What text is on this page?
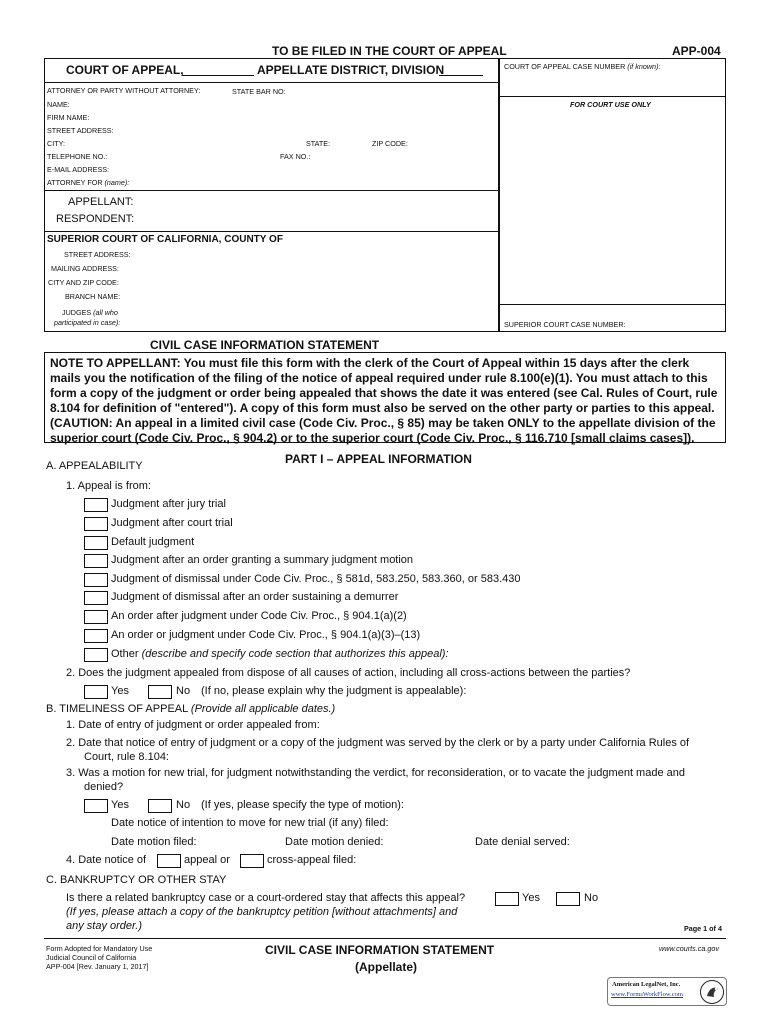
TO BE FILED IN THE COURT OF APPEAL	APP-004
COURT OF APPEAL,	APPELLATE DISTRICT, DIVISION	COURT OF APPEAL CASE NUMBER (if known):
FOR COURT USE ONLY
SUPERIOR COURT CASE NUMBER:
ATTORNEY OR PARTY WITHOUT ATTORNEY:	STATE BAR NO:
NAME:
FIRM NAME:
STREET ADDRESS:
CITY:	STATE:	ZIP CODE:
TELEPHONE NO.:	FAX NO.:
E-MAIL ADDRESS:
ATTORNEY FOR (name):
APPELLANT:
RESPONDENT:
SUPERIOR COURT OF CALIFORNIA, COUNTY OF
STREET ADDRESS:
MAILING ADDRESS:
CITY AND ZIP CODE:
BRANCH NAME:
JUDGES (all who
participated in case):
CIVIL CASE INFORMATION STATEMENT
NOTE TO APPELLANT: You must file this form with the clerk of the Court of Appeal within 15 days after the clerk mails you the notification of the filing of the notice of appeal required under rule 8.100(e)(1). You must attach to this form a copy of the judgment or order being appealed that shows the date it was entered (see Cal. Rules of Court, rule 8.104 for definition of "entered"). A copy of this form must also be served on the other party or parties to this appeal. (CAUTION: An appeal in a limited civil case (Code Civ. Proc., § 85) may be taken ONLY to the appellate division of the superior court (Code Civ. Proc., § 904.2) or to the superior court (Code Civ. Proc., § 116.710 [small claims cases]).
PART I – APPEAL INFORMATION
A. APPEALABILITY
1. Appeal is from:
Judgment after jury trial
Judgment after court trial
Default judgment
Judgment after an order granting a summary judgment motion
Judgment of dismissal under Code Civ. Proc., § 581d, 583.250, 583.360, or 583.430
Judgment of dismissal after an order sustaining a demurrer
An order after judgment under Code Civ. Proc., § 904.1(a)(2)
An order or judgment under Code Civ. Proc., § 904.1(a)(3)–(13)
Other (describe and specify code section that authorizes this appeal):
2. Does the judgment appealed from dispose of all causes of action, including all cross-actions between the parties?
Yes	No (If no, please explain why the judgment is appealable):
B. TIMELINESS OF APPEAL (Provide all applicable dates.)
1. Date of entry of judgment or order appealed from:
2. Date that notice of entry of judgment or a copy of the judgment was served by the clerk or by a party under California Rules of
Court, rule 8.104:
3. Was a motion for new trial, for judgment notwithstanding the verdict, for reconsideration, or to vacate the judgment made and
denied?
Yes	No (If yes, please specify the type of motion):
Date notice of intention to move for new trial (if any) filed:
Date motion filed:	Date motion denied:	Date denial served:
4. Date notice of	appeal or	cross-appeal filed:
C. BANKRUPTCY OR OTHER STAY
Is there a related bankruptcy case or a court-ordered stay that affects this appeal?	Yes	No
(If yes, please attach a copy of the bankruptcy petition [without attachments] and
any stay order.)	Page 1 of 4
Form Adopted for Mandatory Use
Judicial Council of California
APP-004 [Rev. January 1, 2017]
CIVIL CASE INFORMATION STATEMENT
(Appellate)
www.courts.ca.gov
American LegalNet, Inc.
www.FormsWorkFlow.com
